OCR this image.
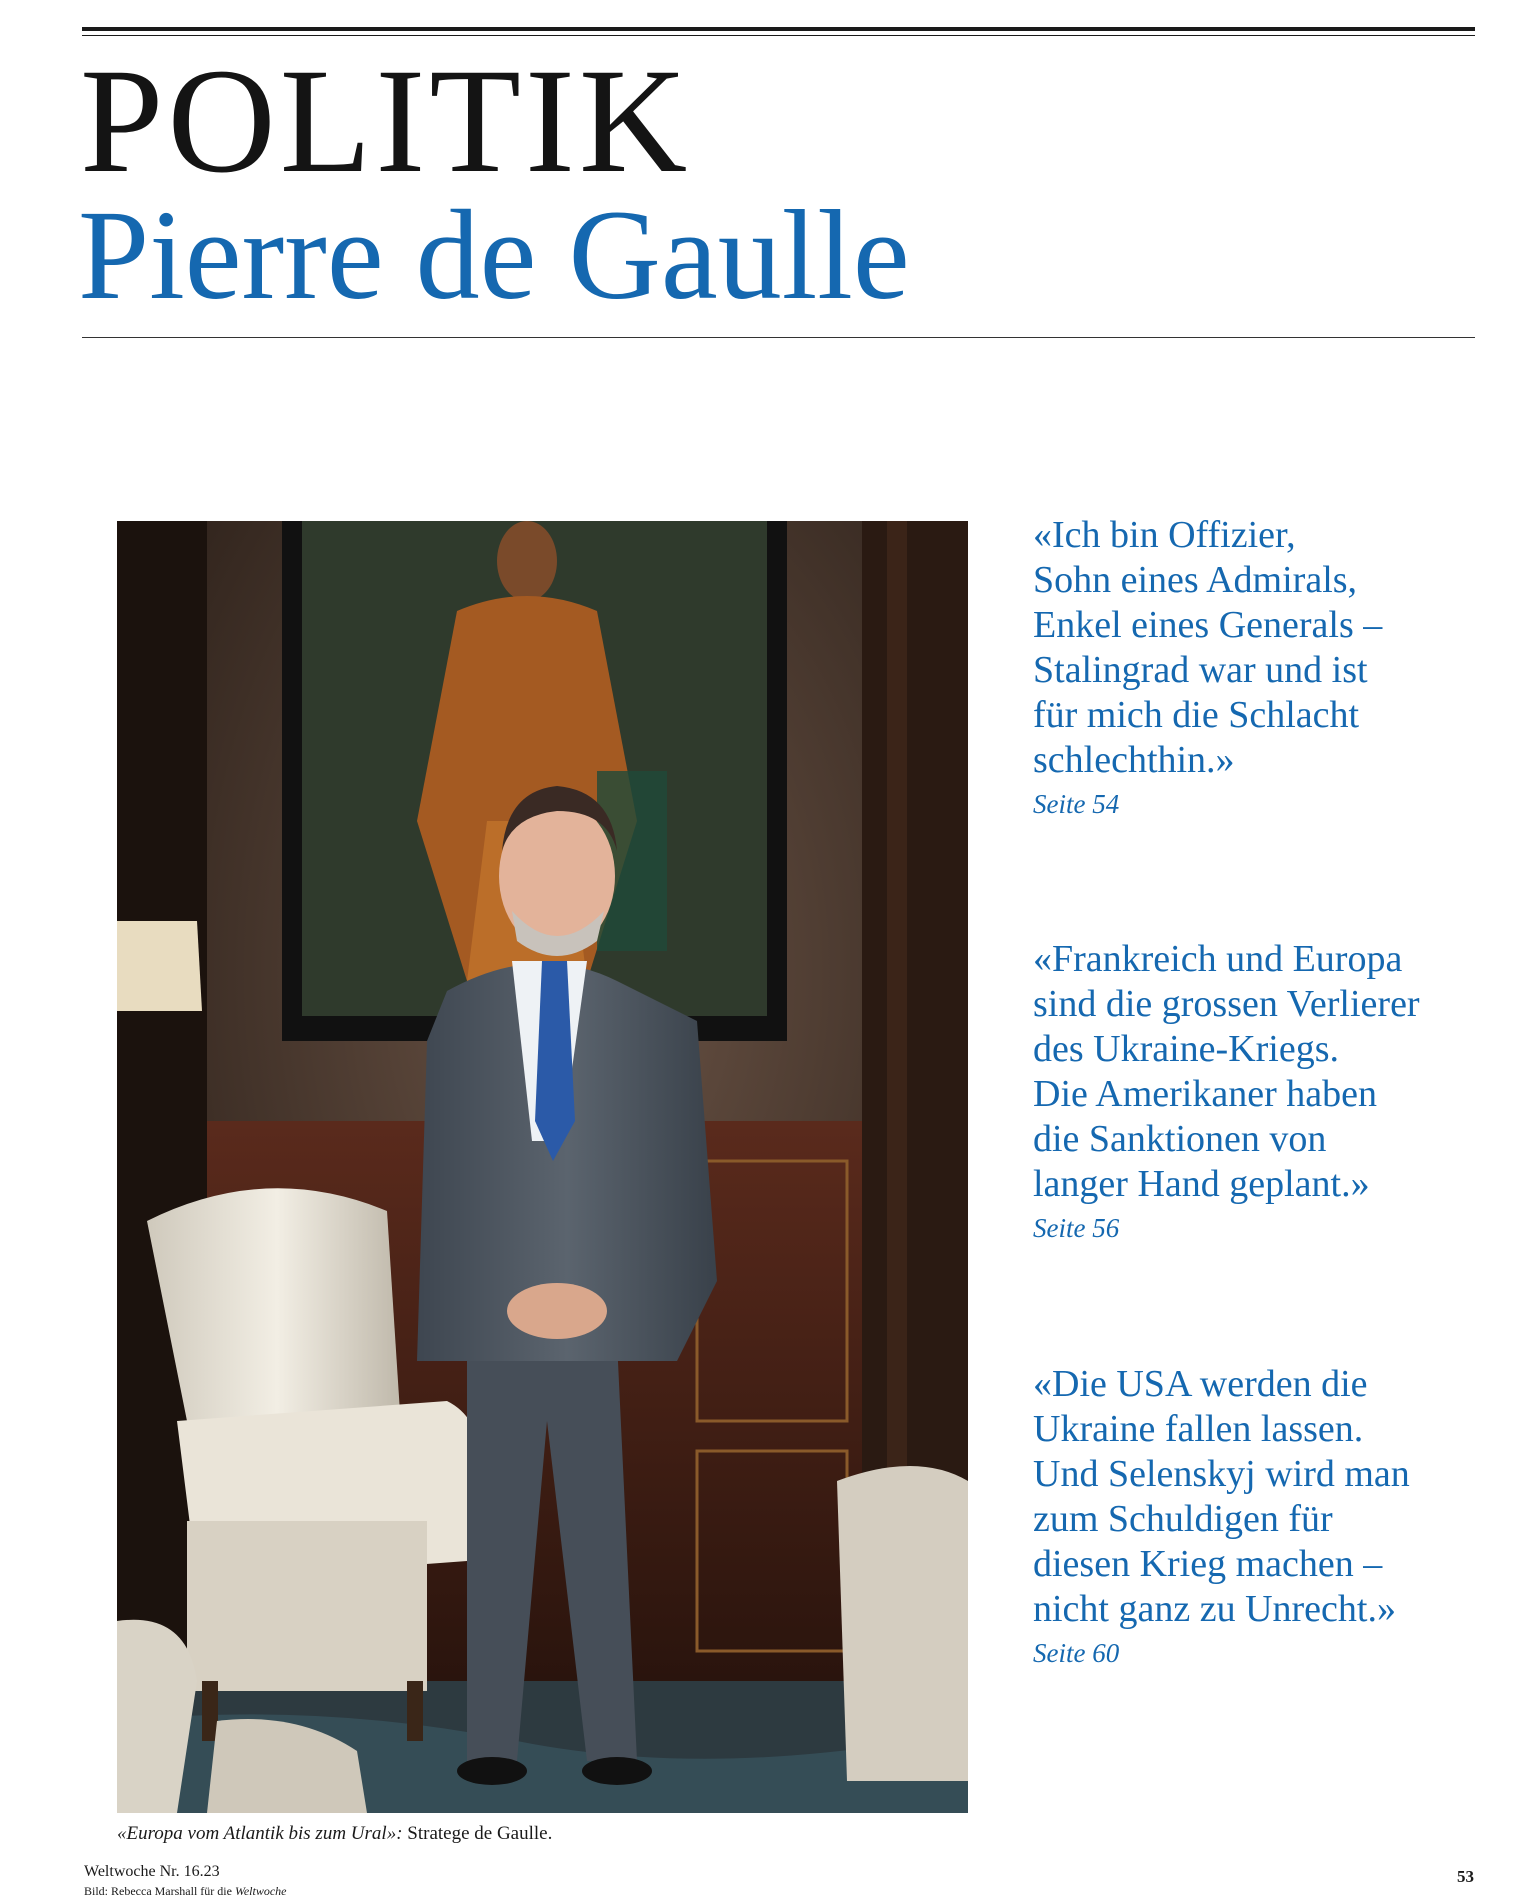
POLITIK
Pierre de Gaulle

«Europa vom Atlantik bis zum Ural»: Stratege de Gaulle.

«Ich bin Offizier,
Sohn eines Admirals,
Enkel eines Generals –
Stalingrad war und ist
für mich die Schlacht
schlechthin.»

Seite 54

«Frankreich und Europa
sind die grossen Verlierer
des Ukraine-Kriegs.
Die Amerikaner haben
die Sanktionen von
langer Hand geplant.»

Seite 56

«Die USA werden die
Ukraine fallen lassen.
Und Selenskyj wird man
zum Schuldigen für
diesen Krieg machen –
nicht ganz zu Unrecht.»

Seite 60

Weltwoche Nr. 16.23

Bild: Rebecca Marshall für die Weltwoche

53
